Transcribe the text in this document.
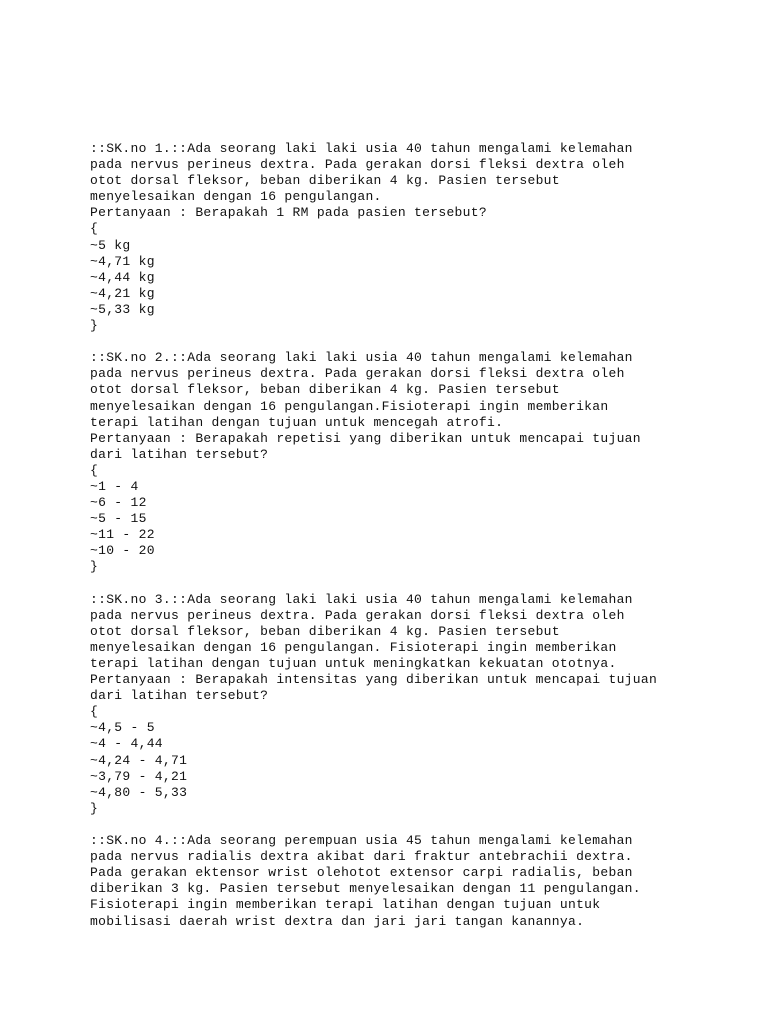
::SK.no 1.::Ada seorang laki laki usia 40 tahun mengalami kelemahan
pada nervus perineus dextra. Pada gerakan dorsi fleksi dextra oleh
otot dorsal fleksor, beban diberikan 4 kg. Pasien tersebut
menyelesaikan dengan 16 pengulangan.
Pertanyaan : Berapakah 1 RM pada pasien tersebut?
{
~5 kg
~4,71 kg
~4,44 kg
~4,21 kg
~5,33 kg
}
::SK.no 2.::Ada seorang laki laki usia 40 tahun mengalami kelemahan
pada nervus perineus dextra. Pada gerakan dorsi fleksi dextra oleh
otot dorsal fleksor, beban diberikan 4 kg. Pasien tersebut
menyelesaikan dengan 16 pengulangan.Fisioterapi ingin memberikan
terapi latihan dengan tujuan untuk mencegah atrofi.
Pertanyaan : Berapakah repetisi yang diberikan untuk mencapai tujuan
dari latihan tersebut?
{
~1 - 4
~6 - 12
~5 - 15
~11 - 22
~10 - 20
}
::SK.no 3.::Ada seorang laki laki usia 40 tahun mengalami kelemahan
pada nervus perineus dextra. Pada gerakan dorsi fleksi dextra oleh
otot dorsal fleksor, beban diberikan 4 kg. Pasien tersebut
menyelesaikan dengan 16 pengulangan. Fisioterapi ingin memberikan
terapi latihan dengan tujuan untuk meningkatkan kekuatan ototnya.
Pertanyaan : Berapakah intensitas yang diberikan untuk mencapai tujuan
dari latihan tersebut?
{
~4,5 - 5
~4 - 4,44
~4,24 - 4,71
~3,79 - 4,21
~4,80 - 5,33
}
::SK.no 4.::Ada seorang perempuan usia 45 tahun mengalami kelemahan
pada nervus radialis dextra akibat dari fraktur antebrachii dextra.
Pada gerakan ektensor wrist olehotot extensor carpi radialis, beban
diberikan 3 kg. Pasien tersebut menyelesaikan dengan 11 pengulangan.
Fisioterapi ingin memberikan terapi latihan dengan tujuan untuk
mobilisasi daerah wrist dextra dan jari jari tangan kanannya.
